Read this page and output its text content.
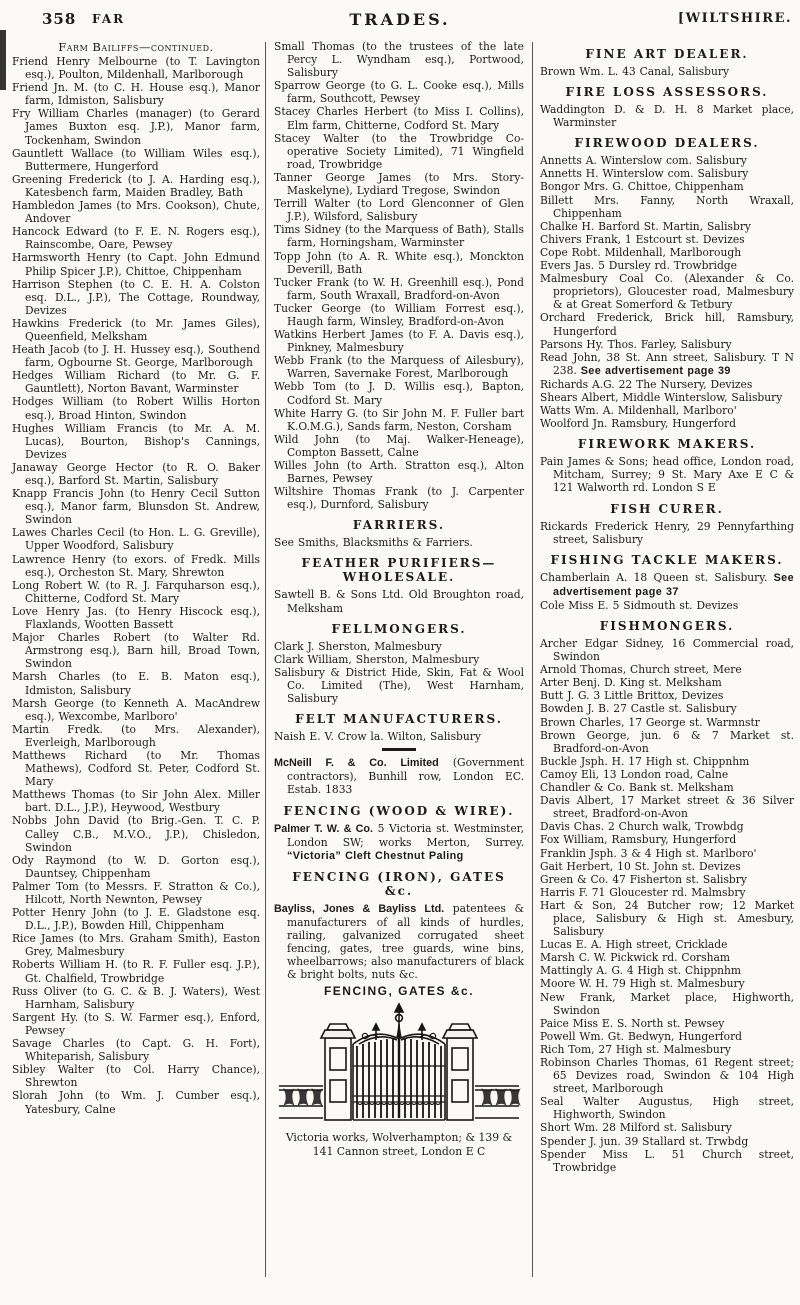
358 FAR	TRADES.	[WILTSHIRE.
Farm Bailiffs—continued.

Friend Henry Melbourne (to T. Lavington esq.), Poulton, Mildenhall, Marlborough

Friend Jn. M. (to C. H. House esq.), Manor farm, Idmiston, Salisbury

Fry William Charles (manager) (to Gerard James Buxton esq. J.P.), Manor farm, Tockenham, Swindon

Gauntlett Wallace (to William Wiles esq.), Buttermere, Hungerford

Greening Frederick (to J. A. Harding esq.), Katesbench farm, Maiden Bradley, Bath

Hambledon James (to Mrs. Cookson), Chute, Andover

Hancock Edward (to F. E. N. Rogers esq.), Rainscombe, Oare, Pewsey

Harmsworth Henry (to Capt. John Edmund Philip Spicer J.P.), Chittoe, Chippenham

Harrison Stephen (to C. E. H. A. Colston esq. D.L., J.P.), The Cottage, Roundway, Devizes

Hawkins Frederick (to Mr. James Giles), Queenfield, Melksham

Heath Jacob (to J. H. Hussey esq.), Southend farm, Ogbourne St. George, Marlborough

Hedges William Richard (to Mr. G. F. Gauntlett), Norton Bavant, Warminster

Hodges William (to Robert Willis Horton esq.), Broad Hinton, Swindon

Hughes William Francis (to Mr. A. M. Lucas), Bourton, Bishop's Cannings, Devizes

Janaway George Hector (to R. O. Baker esq.), Barford St. Martin, Salisbury

Knapp Francis John (to Henry Cecil Sutton esq.), Manor farm, Blunsdon St. Andrew, Swindon

Lawes Charles Cecil (to Hon. L. G. Greville), Upper Woodford, Salisbury

Lawrence Henry (to exors. of Fredk. Mills esq.), Orcheston St. Mary, Shrewton

Long Robert W. (to R. J. Farquharson esq.), Chitterne, Codford St. Mary

Love Henry Jas. (to Henry Hiscock esq.), Flaxlands, Wootten Bassett

Major Charles Robert (to Walter Rd. Armstrong esq.), Barn hill, Broad Town, Swindon

Marsh Charles (to E. B. Maton esq.), Idmiston, Salisbury

Marsh George (to Kenneth A. MacAndrew esq.), Wexcombe, Marlboro'

Martin Fredk. (to Mrs. Alexander), Everleigh, Marlborough

Matthews Richard (to Mr. Thomas Mathews), Codford St. Peter, Codford St. Mary

Matthews Thomas (to Sir John Alex. Miller bart. D.L., J.P.), Heywood, Westbury

Nobbs John David (to Brig.-Gen. T. C. P. Calley C.B., M.V.O., J.P.), Chisledon, Swindon

Ody Raymond (to W. D. Gorton esq.), Dauntsey, Chippenham

Palmer Tom (to Messrs. F. Stratton & Co.), Hilcott, North Newnton, Pewsey

Potter Henry John (to J. E. Gladstone esq. D.L., J.P.), Bowden Hill, Chippenham

Rice James (to Mrs. Graham Smith), Easton Grey, Malmesbury

Roberts William H. (to R. F. Fuller esq. J.P.), Gt. Chalfield, Trowbridge

Russ Oliver (to G. C. & B. J. Waters), West Harnham, Salisbury

Sargent Hy. (to S. W. Farmer esq.), Enford, Pewsey

Savage Charles (to Capt. G. H. Fort), Whiteparish, Salisbury

Sibley Walter (to Col. Harry Chance), Shrewton

Slorah John (to Wm. J. Cumber esq.), Yatesbury, Calne

Small Thomas (to the trustees of the late Percy L. Wyndham esq.), Portwood, Salisbury

Sparrow George (to G. L. Cooke esq.), Mills farm, Southcott, Pewsey

Stacey Charles Herbert (to Miss I. Collins), Elm farm, Chitterne, Codford St. Mary

Stacey Walter (to the Trowbridge Co-operative Society Limited), 71 Wingfield road, Trowbridge

Tanner George James (to Mrs. Story-Maskelyne), Lydiard Tregose, Swindon

Terrill Walter (to Lord Glenconner of Glen J.P.), Wilsford, Salisbury

Tims Sidney (to the Marquess of Bath), Stalls farm, Horningsham, Warminster

Topp John (to A. R. White esq.), Monckton Deverill, Bath

Tucker Frank (to W. H. Greenhill esq.), Pond farm, South Wraxall, Bradford-on-Avon

Tucker George (to William Forrest esq.), Haugh farm, Winsley, Bradford-on-Avon

Watkins Herbert James (to F. A. Davis esq.), Pinkney, Malmesbury

Webb Frank (to the Marquess of Ailesbury), Warren, Savernake Forest, Marlborough

Webb Tom (to J. D. Willis esq.), Bapton, Codford St. Mary

White Harry G. (to Sir John M. F. Fuller bart K.O.M.G.), Sands farm, Neston, Corsham

Wild John (to Maj. Walker-Heneage), Compton Bassett, Calne

Willes John (to Arth. Stratton esq.), Alton Barnes, Pewsey

Wiltshire Thomas Frank (to J. Carpenter esq.), Durnford, Salisbury

FARRIERS.

See Smiths, Blacksmiths & Farriers.

FEATHER PURIFIERS—WHOLESALE.

Sawtell B. & Sons Ltd. Old Broughton road, Melksham

FELLMONGERS.

Clark J. Sherston, Malmesbury

Clark William, Sherston, Malmesbury

Salisbury & District Hide, Skin, Fat & Wool Co. Limited (The), West Harnham, Salisbury

FELT MANUFACTURERS.

Naish E. V. Crow la. Wilton, Salisbury

McNeill F. & Co. Limited (Government contractors), Bunhill row, London EC. Estab. 1833

FENCING (WOOD & WIRE).

Palmer T. W. & Co. 5 Victoria st. Westminster, London SW; works Merton, Surrey. “Victoria” Cleft Chestnut Paling

FENCING (IRON), GATES &c.

Bayliss, Jones & Bayliss Ltd. patentees & manufacturers of all kinds of hurdles, railing, galvanized corrugated sheet fencing, gates, tree guards, wine bins, wheelbarrows; also manufacturers of black & bright bolts, nuts &c.

FENCING, GATES &c.
Victoria works, Wolverhampton; & 139 & 141 Cannon street, London E C
FINE ART DEALER.

Brown Wm. L. 43 Canal, Salisbury

FIRE LOSS ASSESSORS.

Waddington D. & D. H. 8 Market place, Warminster

FIREWOOD DEALERS.

Annetts A. Winterslow com. Salisbury

Annetts H. Winterslow com. Salisbury

Bongor Mrs. G. Chittoe, Chippenham

Billett Mrs. Fanny, North Wraxall, Chippenham

Chalke H. Barford St. Martin, Salisbry

Chivers Frank, 1 Estcourt st. Devizes

Cope Robt. Mildenhall, Marlborough

Evers Jas. 5 Dursley rd. Trowbridge

Malmesbury Coal Co. (Alexander & Co. proprietors), Gloucester road, Malmesbury & at Great Somerford & Tetbury

Orchard Frederick, Brick hill, Ramsbury, Hungerford

Parsons Hy. Thos. Farley, Salisbury

Read John, 38 St. Ann street, Salisbury. T N 238. See advertisement page 39

Richards A.G. 22 The Nursery, Devizes

Shears Albert, Middle Winterslow, Salisbury

Watts Wm. A. Mildenhall, Marlboro'

Woolford Jn. Ramsbury, Hungerford

FIREWORK MAKERS.

Pain James & Sons; head office, London road, Mitcham, Surrey; 9 St. Mary Axe E C & 121 Walworth rd. London S E

FISH CURER.

Rickards Frederick Henry, 29 Pennyfarthing street, Salisbury

FISHING TACKLE MAKERS.

Chamberlain A. 18 Queen st. Salisbury. See advertisement page 37

Cole Miss E. 5 Sidmouth st. Devizes

FISHMONGERS.

Archer Edgar Sidney, 16 Commercial road, Swindon

Arnold Thomas, Church street, Mere

Arter Benj. D. King st. Melksham

Butt J. G. 3 Little Brittox, Devizes

Bowden J. B. 27 Castle st. Salisbury

Brown Charles, 17 George st. Warmnstr

Brown George, jun. 6 & 7 Market st. Bradford-on-Avon

Buckle Jsph. H. 17 High st. Chippnhm

Camoy Eli, 13 London road, Calne

Chandler & Co. Bank st. Melksham

Davis Albert, 17 Market street & 36 Silver street, Bradford-on-Avon

Davis Chas. 2 Church walk, Trowbdg

Fox William, Ramsbury, Hungerford

Franklin Jsph. 3 & 4 High st. Marlboro'

Gait Herbert, 10 St. John st. Devizes

Green & Co. 47 Fisherton st. Salisbry

Harris F. 71 Gloucester rd. Malmsbry

Hart & Son, 24 Butcher row; 12 Market place, Salisbury & High st. Amesbury, Salisbury

Lucas E. A. High street, Cricklade

Marsh C. W. Pickwick rd. Corsham

Mattingly A. G. 4 High st. Chippnhm

Moore W. H. 79 High st. Malmesbury

New Frank, Market place, Highworth, Swindon

Paice Miss E. S. North st. Pewsey

Powell Wm. Gt. Bedwyn, Hungerford

Rich Tom, 27 High st. Malmesbury

Robinson Charles Thomas, 61 Regent street; 65 Devizes road, Swindon & 104 High street, Marlborough

Seal Walter Augustus, High street, Highworth, Swindon

Short Wm. 28 Milford st. Salisbury

Spender J. jun. 39 Stallard st. Trwbdg

Spender Miss L. 51 Church street, Trowbridge
